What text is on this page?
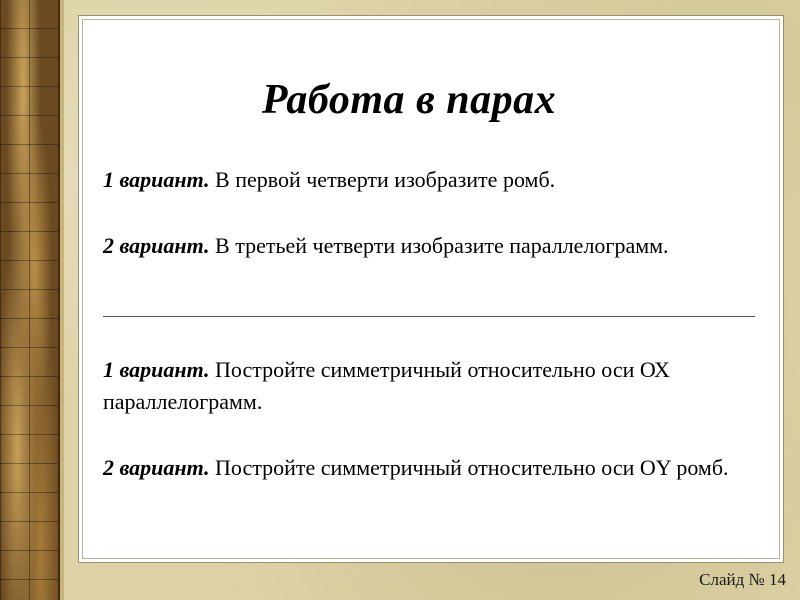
Работа в парах
1 вариант. В первой четверти изобразите ромб.
2 вариант. В третьей четверти изобразите параллелограмм.
1 вариант. Постройте симметричный относительно оси ОХ параллелограмм.
2 вариант. Постройте симметричный относительно оси ОY ромб.
Слайд № 14
